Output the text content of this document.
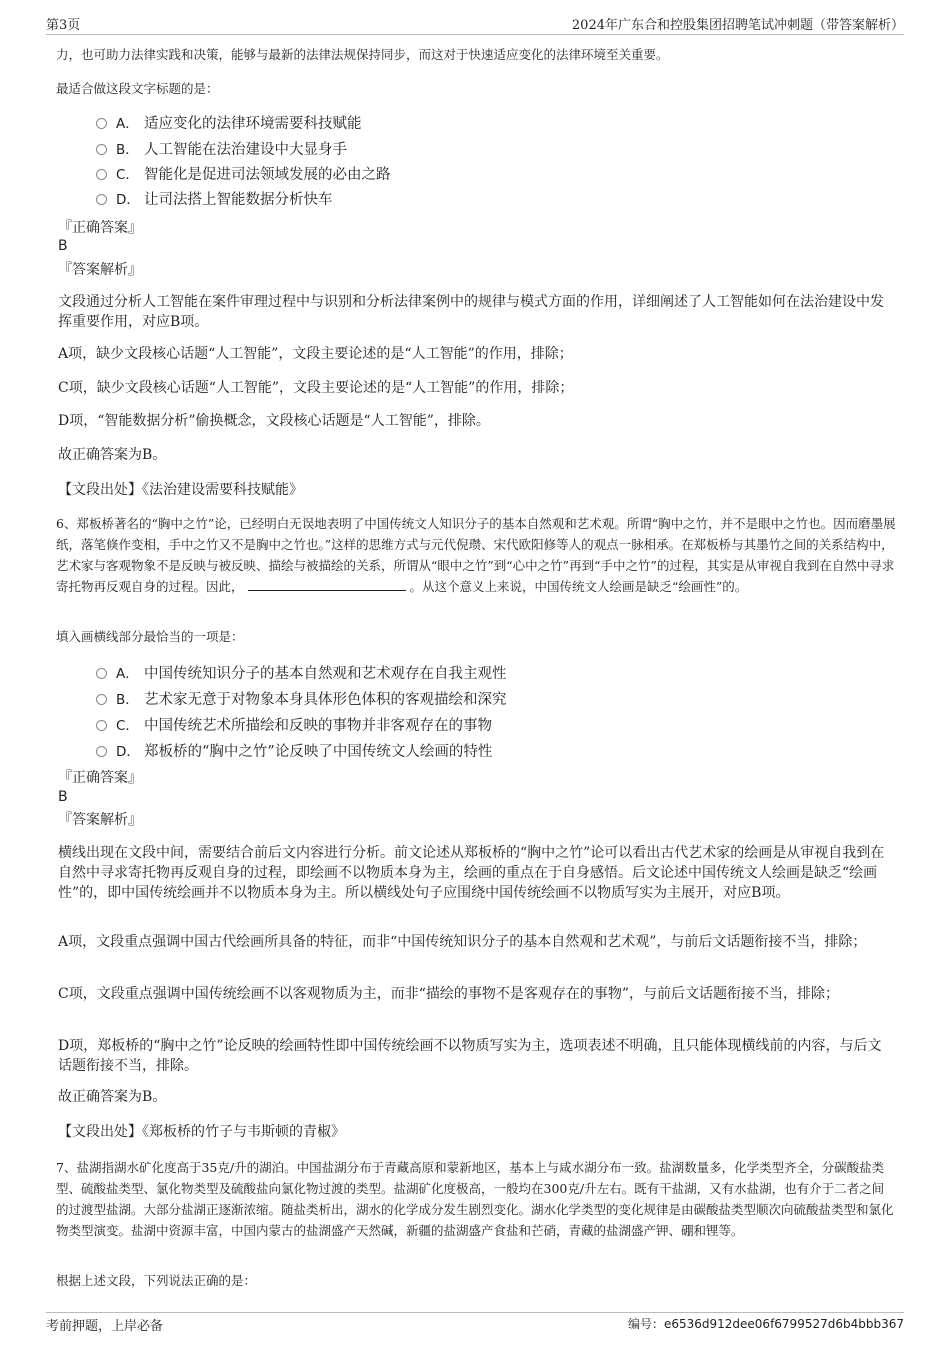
第3页	2024年广东合和控股集团招聘笔试冲刺题（带答案解析）
力，也可助力法律实践和决策，能够与最新的法律法规保持同步，而这对于快速适应变化的法律环境至关重要。
最适合做这段文字标题的是：
A． 适应变化的法律环境需要科技赋能
B． 人工智能在法治建设中大显身手
C． 智能化是促进司法领域发展的必由之路
D． 让司法搭上智能数据分析快车
『正确答案』
B
『答案解析』
文段通过分析人工智能在案件审理过程中与识别和分析法律案例中的规律与模式方面的作用，详细阐述了人工智能如何在法治建设中发挥重要作用，对应B项。
A项，缺少文段核心话题“人工智能”，文段主要论述的是“人工智能”的作用，排除；
C项，缺少文段核心话题“人工智能”，文段主要论述的是“人工智能”的作用，排除；
D项，“智能数据分析”偷换概念，文段核心话题是“人工智能”，排除。
故正确答案为B。
【文段出处】《法治建设需要科技赋能》
6、郑板桥著名的“胸中之竹”论，已经明白无误地表明了中国传统文人知识分子的基本自然观和艺术观。所谓“胸中之竹，并不是眼中之竹也。因而磨墨展纸，落笔倏作变相，手中之竹又不是胸中之竹也。”这样的思维方式与元代倪瓒、宋代欧阳修等人的观点一脉相承。在郑板桥与其墨竹之间的关系结构中，艺术家与客观物象不是反映与被反映、描绘与被描绘的关系，所谓从“眼中之竹”到“心中之竹”再到“手中之竹”的过程，其实是从审视自我到在自然中寻求寄托物再反观自身的过程。因此，	。从这个意义上来说，中国传统文人绘画是缺乏“绘画性”的。
填入画横线部分最恰当的一项是：
A． 中国传统知识分子的基本自然观和艺术观存在自我主观性
B． 艺术家无意于对物象本身具体形色体积的客观描绘和深究
C． 中国传统艺术所描绘和反映的事物并非客观存在的事物
D． 郑板桥的“胸中之竹”论反映了中国传统文人绘画的特性
『正确答案』
B
『答案解析』
横线出现在文段中间，需要结合前后文内容进行分析。前文论述从郑板桥的“胸中之竹”论可以看出古代艺术家的绘画是从审视自我到在自然中寻求寄托物再反观自身的过程，即绘画不以物质本身为主，绘画的重点在于自身感悟。后文论述中国传统文人绘画是缺乏“绘画性”的，即中国传统绘画并不以物质本身为主。所以横线处句子应围绕中国传统绘画不以物质写实为主展开，对应B项。
A项，文段重点强调中国古代绘画所具备的特征，而非“中国传统知识分子的基本自然观和艺术观”，与前后文话题衔接不当，排除；
C项，文段重点强调中国传统绘画不以客观物质为主，而非“描绘的事物不是客观存在的事物”，与前后文话题衔接不当，排除；
D项，郑板桥的“胸中之竹”论反映的绘画特性即中国传统绘画不以物质写实为主，选项表述不明确，且只能体现横线前的内容，与后文话题衔接不当，排除。
故正确答案为B。
【文段出处】《郑板桥的竹子与韦斯顿的青椒》
7、盐湖指湖水矿化度高于35克/升的湖泊。中国盐湖分布于青藏高原和蒙新地区，基本上与咸水湖分布一致。盐湖数量多，化学类型齐全，分碳酸盐类型、硫酸盐类型、氯化物类型及硫酸盐向氯化物过渡的类型。盐湖矿化度极高，一般均在300克/升左右。既有干盐湖，又有水盐湖，也有介于二者之间的过渡型盐湖。大部分盐湖正逐渐浓缩。随盐类析出，湖水的化学成分发生剧烈变化。湖水化学类型的变化规律是由碳酸盐类型顺次向硫酸盐类型和氯化物类型演变。盐湖中资源丰富，中国内蒙古的盐湖盛产天然碱，新疆的盐湖盛产食盐和芒硝，青藏的盐湖盛产钾、硼和锂等。
根据上述文段，下列说法正确的是：
考前押题，上岸必备	编号：e6536d912dee06f6799527d6b4bbb367
